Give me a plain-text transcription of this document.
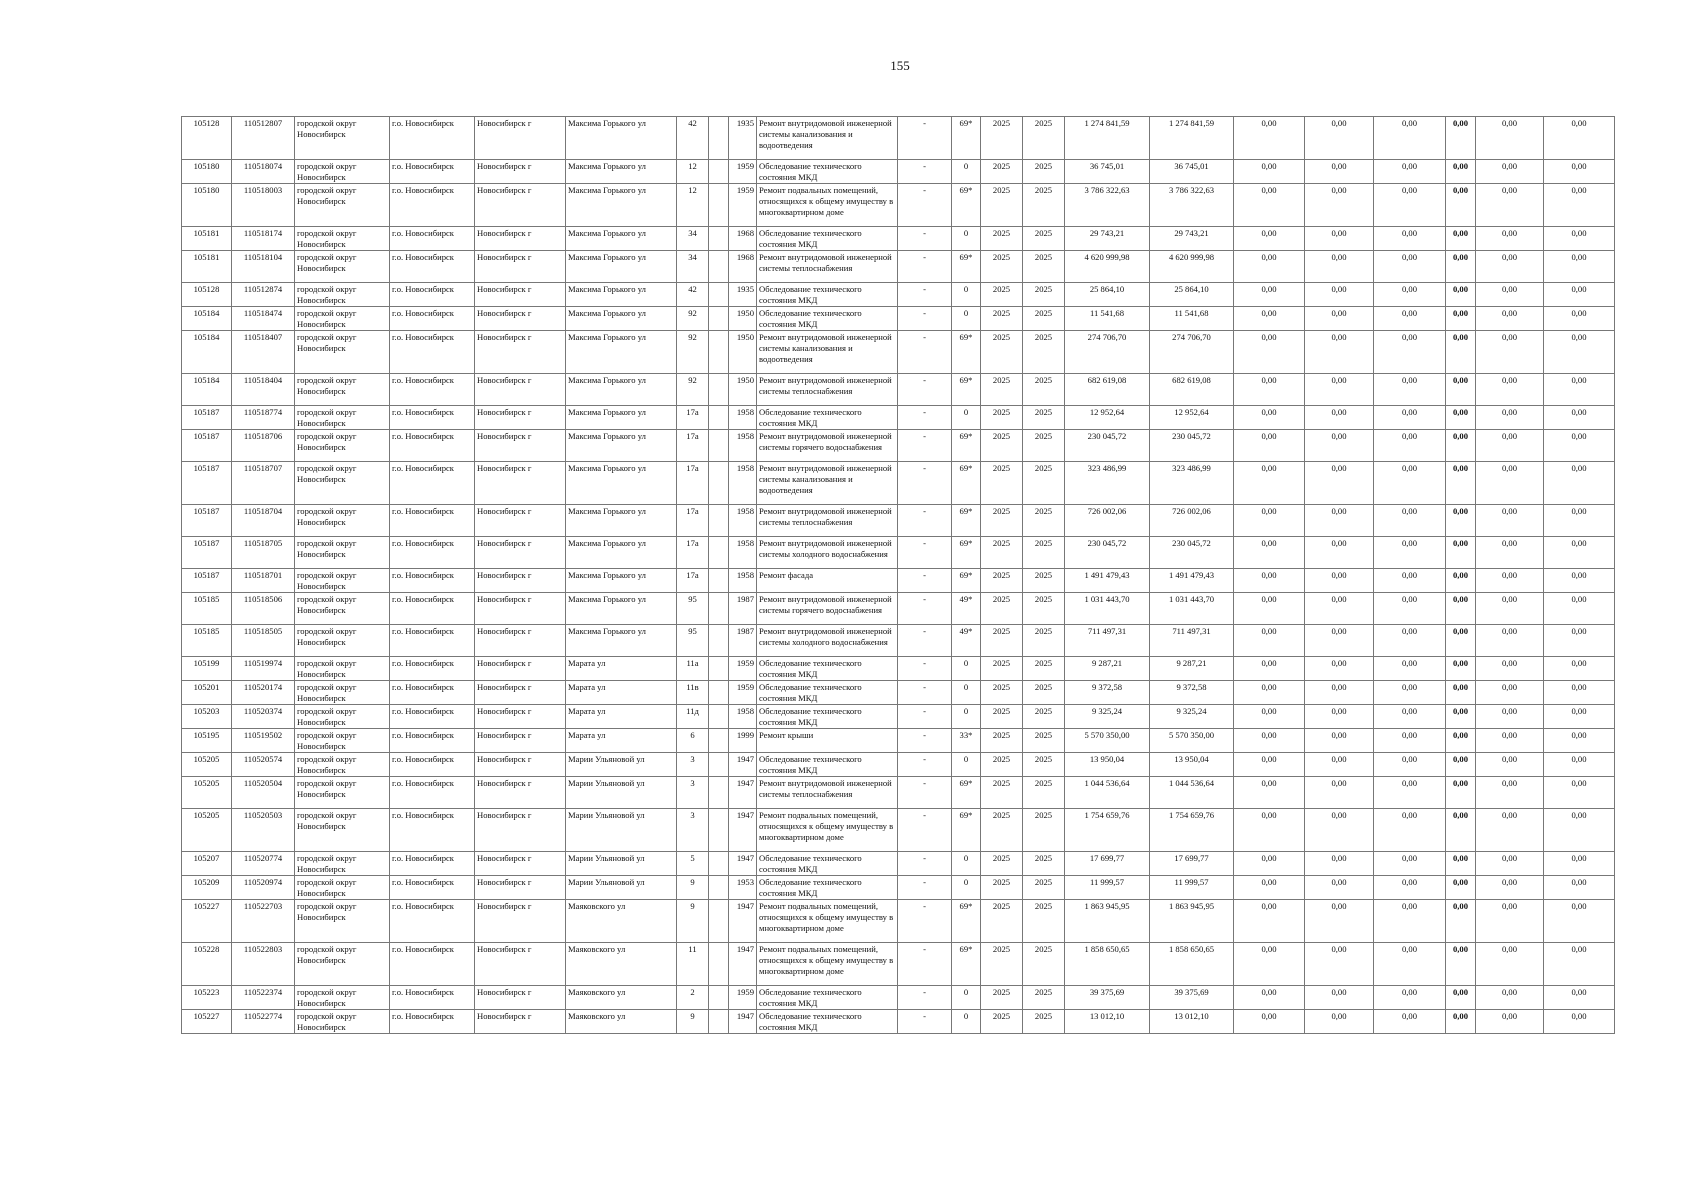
155
105128	110512807	городской округ Новосибирск	г.о. Новосибирск	Новосибирск г	Максима Горького ул	42		1935	Ремонт внутридомовой инженерной системы канализования и водоотведения	-	69*	2025	2025	1 274 841,59	1 274 841,59	0,00	0,00	0,00	0,00	0,00	0,00
105180	110518074	городской округ Новосибирск	г.о. Новосибирск	Новосибирск г	Максима Горького ул	12		1959	Обследование технического состояния МКД	-	0	2025	2025	36 745,01	36 745,01	0,00	0,00	0,00	0,00	0,00	0,00
105180	110518003	городской округ Новосибирск	г.о. Новосибирск	Новосибирск г	Максима Горького ул	12		1959	Ремонт подвальных помещений, относящихся к общему имуществу в многоквартирном доме	-	69*	2025	2025	3 786 322,63	3 786 322,63	0,00	0,00	0,00	0,00	0,00	0,00
105181	110518174	городской округ Новосибирск	г.о. Новосибирск	Новосибирск г	Максима Горького ул	34		1968	Обследование технического состояния МКД	-	0	2025	2025	29 743,21	29 743,21	0,00	0,00	0,00	0,00	0,00	0,00
105181	110518104	городской округ Новосибирск	г.о. Новосибирск	Новосибирск г	Максима Горького ул	34		1968	Ремонт внутридомовой инженерной системы теплоснабжения	-	69*	2025	2025	4 620 999,98	4 620 999,98	0,00	0,00	0,00	0,00	0,00	0,00
105128	110512874	городской округ Новосибирск	г.о. Новосибирск	Новосибирск г	Максима Горького ул	42		1935	Обследование технического состояния МКД	-	0	2025	2025	25 864,10	25 864,10	0,00	0,00	0,00	0,00	0,00	0,00
105184	110518474	городской округ Новосибирск	г.о. Новосибирск	Новосибирск г	Максима Горького ул	92		1950	Обследование технического состояния МКД	-	0	2025	2025	11 541,68	11 541,68	0,00	0,00	0,00	0,00	0,00	0,00
105184	110518407	городской округ Новосибирск	г.о. Новосибирск	Новосибирск г	Максима Горького ул	92		1950	Ремонт внутридомовой инженерной системы канализования и водоотведения	-	69*	2025	2025	274 706,70	274 706,70	0,00	0,00	0,00	0,00	0,00	0,00
105184	110518404	городской округ Новосибирск	г.о. Новосибирск	Новосибирск г	Максима Горького ул	92		1950	Ремонт внутридомовой инженерной системы теплоснабжения	-	69*	2025	2025	682 619,08	682 619,08	0,00	0,00	0,00	0,00	0,00	0,00
105187	110518774	городской округ Новосибирск	г.о. Новосибирск	Новосибирск г	Максима Горького ул	17а		1958	Обследование технического состояния МКД	-	0	2025	2025	12 952,64	12 952,64	0,00	0,00	0,00	0,00	0,00	0,00
105187	110518706	городской округ Новосибирск	г.о. Новосибирск	Новосибирск г	Максима Горького ул	17а		1958	Ремонт внутридомовой инженерной системы горячего водоснабжения	-	69*	2025	2025	230 045,72	230 045,72	0,00	0,00	0,00	0,00	0,00	0,00
105187	110518707	городской округ Новосибирск	г.о. Новосибирск	Новосибирск г	Максима Горького ул	17а		1958	Ремонт внутридомовой инженерной системы канализования и водоотведения	-	69*	2025	2025	323 486,99	323 486,99	0,00	0,00	0,00	0,00	0,00	0,00
105187	110518704	городской округ Новосибирск	г.о. Новосибирск	Новосибирск г	Максима Горького ул	17а		1958	Ремонт внутридомовой инженерной системы теплоснабжения	-	69*	2025	2025	726 002,06	726 002,06	0,00	0,00	0,00	0,00	0,00	0,00
105187	110518705	городской округ Новосибирск	г.о. Новосибирск	Новосибирск г	Максима Горького ул	17а		1958	Ремонт внутридомовой инженерной системы холодного водоснабжения	-	69*	2025	2025	230 045,72	230 045,72	0,00	0,00	0,00	0,00	0,00	0,00
105187	110518701	городской округ Новосибирск	г.о. Новосибирск	Новосибирск г	Максима Горького ул	17а		1958	Ремонт фасада	-	69*	2025	2025	1 491 479,43	1 491 479,43	0,00	0,00	0,00	0,00	0,00	0,00
105185	110518506	городской округ Новосибирск	г.о. Новосибирск	Новосибирск г	Максима Горького ул	95		1987	Ремонт внутридомовой инженерной системы горячего водоснабжения	-	49*	2025	2025	1 031 443,70	1 031 443,70	0,00	0,00	0,00	0,00	0,00	0,00
105185	110518505	городской округ Новосибирск	г.о. Новосибирск	Новосибирск г	Максима Горького ул	95		1987	Ремонт внутридомовой инженерной системы холодного водоснабжения	-	49*	2025	2025	711 497,31	711 497,31	0,00	0,00	0,00	0,00	0,00	0,00
105199	110519974	городской округ Новосибирск	г.о. Новосибирск	Новосибирск г	Марата ул	11а		1959	Обследование технического состояния МКД	-	0	2025	2025	9 287,21	9 287,21	0,00	0,00	0,00	0,00	0,00	0,00
105201	110520174	городской округ Новосибирск	г.о. Новосибирск	Новосибирск г	Марата ул	11в		1959	Обследование технического состояния МКД	-	0	2025	2025	9 372,58	9 372,58	0,00	0,00	0,00	0,00	0,00	0,00
105203	110520374	городской округ Новосибирск	г.о. Новосибирск	Новосибирск г	Марата ул	11д		1958	Обследование технического состояния МКД	-	0	2025	2025	9 325,24	9 325,24	0,00	0,00	0,00	0,00	0,00	0,00
105195	110519502	городской округ Новосибирск	г.о. Новосибирск	Новосибирск г	Марата ул	6		1999	Ремонт крыши	-	33*	2025	2025	5 570 350,00	5 570 350,00	0,00	0,00	0,00	0,00	0,00	0,00
105205	110520574	городской округ Новосибирск	г.о. Новосибирск	Новосибирск г	Марии Ульяновой ул	3		1947	Обследование технического состояния МКД	-	0	2025	2025	13 950,04	13 950,04	0,00	0,00	0,00	0,00	0,00	0,00
105205	110520504	городской округ Новосибирск	г.о. Новосибирск	Новосибирск г	Марии Ульяновой ул	3		1947	Ремонт внутридомовой инженерной системы теплоснабжения	-	69*	2025	2025	1 044 536,64	1 044 536,64	0,00	0,00	0,00	0,00	0,00	0,00
105205	110520503	городской округ Новосибирск	г.о. Новосибирск	Новосибирск г	Марии Ульяновой ул	3		1947	Ремонт подвальных помещений, относящихся к общему имуществу в многоквартирном доме	-	69*	2025	2025	1 754 659,76	1 754 659,76	0,00	0,00	0,00	0,00	0,00	0,00
105207	110520774	городской округ Новосибирск	г.о. Новосибирск	Новосибирск г	Марии Ульяновой ул	5		1947	Обследование технического состояния МКД	-	0	2025	2025	17 699,77	17 699,77	0,00	0,00	0,00	0,00	0,00	0,00
105209	110520974	городской округ Новосибирск	г.о. Новосибирск	Новосибирск г	Марии Ульяновой ул	9		1953	Обследование технического состояния МКД	-	0	2025	2025	11 999,57	11 999,57	0,00	0,00	0,00	0,00	0,00	0,00
105227	110522703	городской округ Новосибирск	г.о. Новосибирск	Новосибирск г	Маяковского ул	9		1947	Ремонт подвальных помещений, относящихся к общему имуществу в многоквартирном доме	-	69*	2025	2025	1 863 945,95	1 863 945,95	0,00	0,00	0,00	0,00	0,00	0,00
105228	110522803	городской округ Новосибирск	г.о. Новосибирск	Новосибирск г	Маяковского ул	11		1947	Ремонт подвальных помещений, относящихся к общему имуществу в многоквартирном доме	-	69*	2025	2025	1 858 650,65	1 858 650,65	0,00	0,00	0,00	0,00	0,00	0,00
105223	110522374	городской округ Новосибирск	г.о. Новосибирск	Новосибирск г	Маяковского ул	2		1959	Обследование технического состояния МКД	-	0	2025	2025	39 375,69	39 375,69	0,00	0,00	0,00	0,00	0,00	0,00
105227	110522774	городской округ Новосибирск	г.о. Новосибирск	Новосибирск г	Маяковского ул	9		1947	Обследование технического состояния МКД	-	0	2025	2025	13 012,10	13 012,10	0,00	0,00	0,00	0,00	0,00	0,00
